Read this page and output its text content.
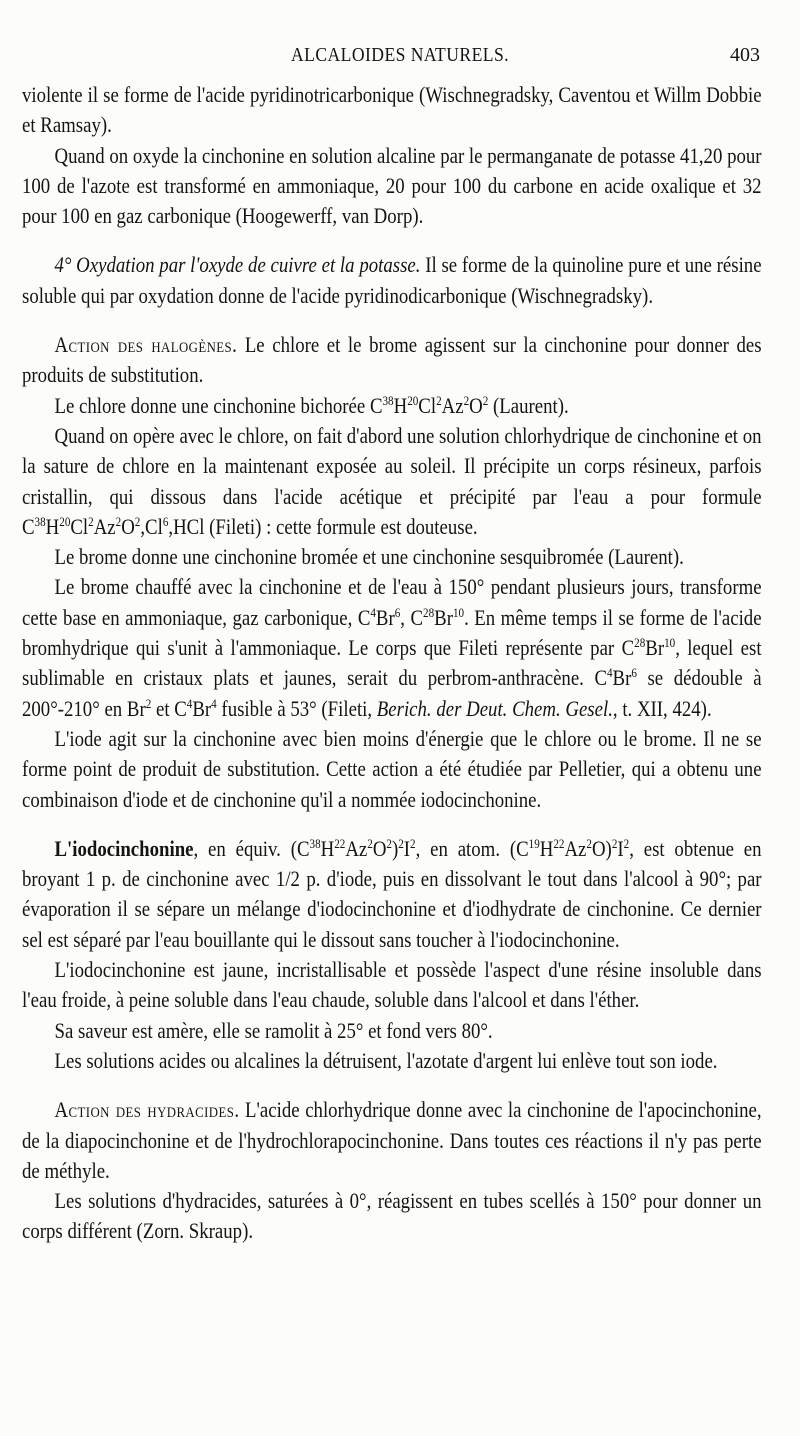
ALCALOIDES NATURELS.	403

violente il se forme de l'acide pyridinotricarbonique (Wischnegradsky, Caventou et Willm Dobbie et Ramsay).

Quand on oxyde la cinchonine en solution alcaline par le permanganate de potasse 41,20 pour 100 de l'azote est transformé en ammoniaque, 20 pour 100 du carbone en acide oxalique et 32 pour 100 en gaz carbonique (Hoogewerff, van Dorp).

4° Oxydation par l'oxyde de cuivre et la potasse. Il se forme de la quinoline pure et une résine soluble qui par oxydation donne de l'acide pyridinodicarbonique (Wischnegradsky).

Action des halogènes. Le chlore et le brome agissent sur la cinchonine pour donner des produits de substitution.

Le chlore donne une cinchonine bichorée $C^{38}H^{20}Cl^2Az^2O^2$ (Laurent).

Quand on opère avec le chlore, on fait d'abord une solution chlorhydrique de cinchonine et on la sature de chlore en la maintenant exposée au soleil. Il précipite un corps résineux, parfois cristallin, qui dissous dans l'acide acétique et précipité par l'eau a pour formule $C^{38}H^{20}Cl^2Az^2O^2,Cl^6,HCl$ (Fileti) : cette formule est douteuse.

Le brome donne une cinchonine bromée et une cinchonine sesquibromée (Laurent).

Le brome chauffé avec la cinchonine et de l'eau à 150° pendant plusieurs jours, transforme cette base en ammoniaque, gaz carbonique, $C^4Br^6$, $C^{28}Br^{10}$. En même temps il se forme de l'acide bromhydrique qui s'unit à l'ammoniaque. Le corps que Fileti représente par $C^{28}Br^{10}$, lequel est sublimable en cristaux plats et jaunes, serait du perbrom-anthracène. $C^4Br^6$ se dédouble à 200°-210° en Br$^2$ et $C^4Br^4$ fusible à 53° (Fileti, Berich. der Deut. Chem. Gesel., t. XII, 424).

L'iode agit sur la cinchonine avec bien moins d'énergie que le chlore ou le brome. Il ne se forme point de produit de substitution. Cette action a été étudiée par Pelletier, qui a obtenu une combinaison d'iode et de cinchonine qu'il a nommée iodocinchonine.

L'iodocinchonine, en équiv. $(C^{38}H^{22}Az^2O^2)^2I^2$, en atom. $(C^{19}H^{22}Az^2O)^2I^2$, est obtenue en broyant 1 p. de cinchonine avec 1/2 p. d'iode, puis en dissolvant le tout dans l'alcool à 90°; par évaporation il se sépare un mélange d'iodocinchonine et d'iodhydrate de cinchonine. Ce dernier sel est séparé par l'eau bouillante qui le dissout sans toucher à l'iodocinchonine.

L'iodocinchonine est jaune, incristallisable et possède l'aspect d'une résine insoluble dans l'eau froide, à peine soluble dans l'eau chaude, soluble dans l'alcool et dans l'éther.

Sa saveur est amère, elle se ramolit à 25° et fond vers 80°.

Les solutions acides ou alcalines la détruisent, l'azotate d'argent lui enlève tout son iode.

Action des hydracides. L'acide chlorhydrique donne avec la cinchonine de l'apocinchonine, de la diapocinchonine et de l'hydrochlorapocinchonine. Dans toutes ces réactions il n'y pas perte de méthyle.

Les solutions d'hydracides, saturées à 0°, réagissent en tubes scellés à 150° pour donner un corps différent (Zorn. Skraup).
